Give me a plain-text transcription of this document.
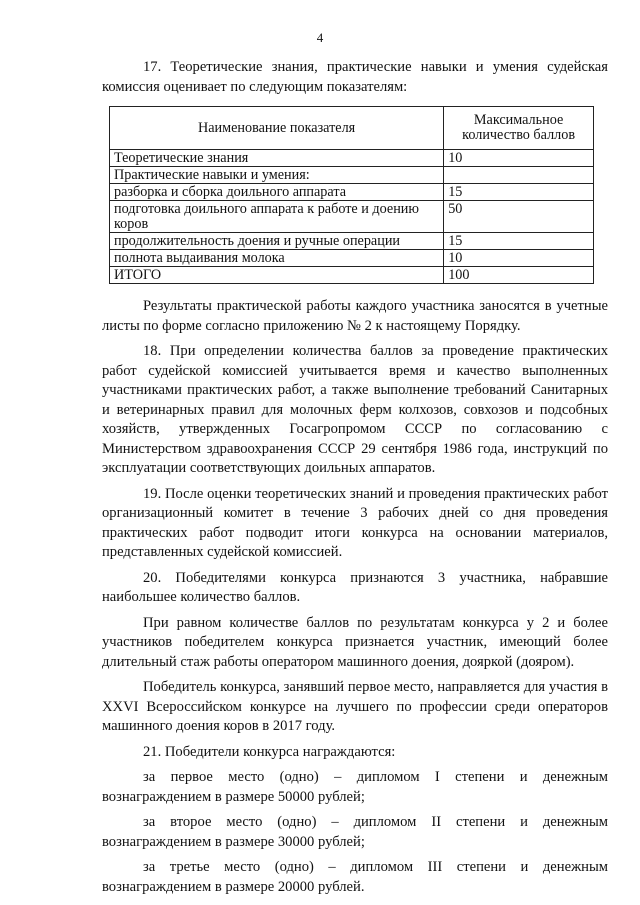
4

17. Теоретические знания, практические навыки и умения судейская комиссия оценивает по следующим показателям:

Наименование показателя	Максимальное
количество баллов

Теоретические знания	10
Практические навыки и умения:	
разборка и сборка доильного аппарата	15
подготовка доильного аппарата к работе и доению коров	50
продолжительность доения и ручные операции	15
полнота выдаивания молока	10
ИТОГО	100

Результаты практической работы каждого участника заносятся в учетные листы по форме согласно приложению № 2 к настоящему Порядку.

18. При определении количества баллов за проведение практических работ судейской комиссией учитывается время и качество выполненных участниками практических работ, а также выполнение требований Санитарных и ветеринарных правил для молочных ферм колхозов, совхозов и подсобных хозяйств, утвержденных Госагропромом СССР по согласованию с Министерством здравоохранения СССР 29 сентября 1986 года, инструкций по эксплуатации соответствующих доильных аппаратов.

19. После оценки теоретических знаний и проведения практических работ организационный комитет в течение 3 рабочих дней со дня проведения практических работ подводит итоги конкурса на основании материалов, представленных судейской комиссией.

20. Победителями конкурса признаются 3 участника, набравшие наибольшее количество баллов.

При равном количестве баллов по результатам конкурса у 2 и более участников победителем конкурса признается участник, имеющий более длительный стаж работы оператором машинного доения, дояркой (дояром).

Победитель конкурса, занявший первое место, направляется для участия в XXVI Всероссийском конкурсе на лучшего по профессии среди операторов машинного доения коров в 2017 году.

21. Победители конкурса награждаются:

за первое место (одно) – дипломом I степени и денежным вознаграждением в размере 50000 рублей;

за второе место (одно) – дипломом II степени и денежным вознаграждением в размере 30000 рублей;

за третье место (одно) – дипломом III степени и денежным вознаграждением в размере 20000 рублей.
